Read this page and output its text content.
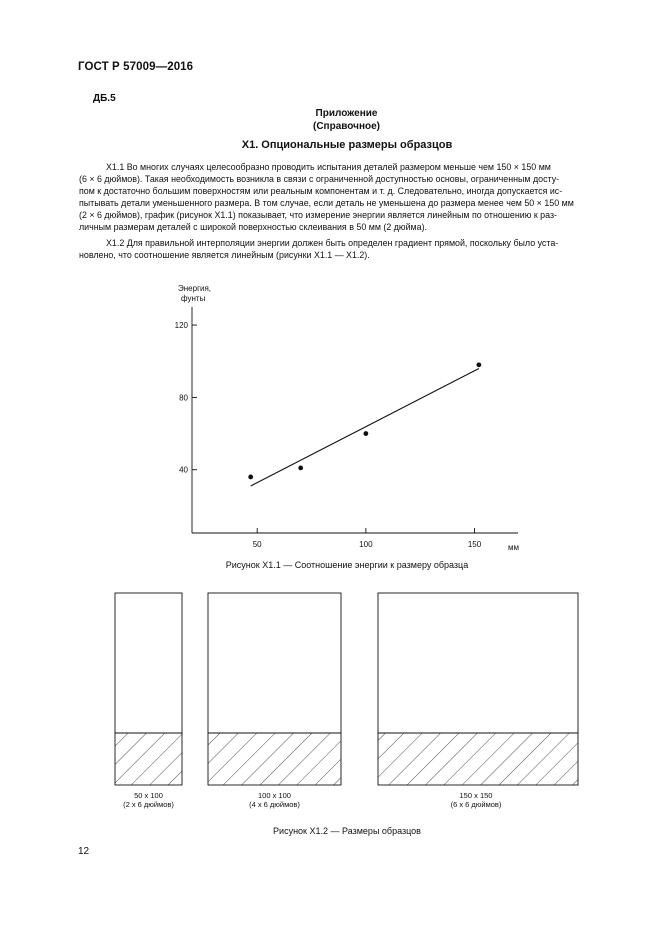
ГОСТ Р 57009—2016
ДБ.5
Приложение
(Справочное)
X1. Опциональные размеры образцов
X1.1 Во многих случаях целесообразно проводить испытания деталей размером меньше чем 150 × 150 мм
(6 × 6 дюймов). Такая необходимость возникла в связи с ограниченной доступностью основы, ограниченным досту-
пом к достаточно большим поверхностям или реальным компонентам и т. д. Следовательно, иногда допускается ис-
пытывать детали уменьшенного размера. В том случае, если деталь не уменьшена до размера менее чем 50 × 150 мм
(2 × 6 дюймов), график (рисунок X1.1) показывает, что измерение энергии является линейным по отношению к раз-
личным размерам деталей с широкой поверхностью склеивания в 50 мм (2 дюйма).
X1.2 Для правильной интерполяции энергии должен быть определен градиент прямой, поскольку было уста-
новлено, что соотношение является линейным (рисунки X1.1 — X1.2).
Энергия,
фунты
40
80
120
50	100	150	мм
Рисунок X1.1 — Соотношение энергии к размеру образца
50 x 100
(2 x 6 дюймов)
100 x 100
(4 x 6 дюймов)
150 x 150
(6 x 6 дюймов)
Рисунок X1.2 — Размеры образцов
12
